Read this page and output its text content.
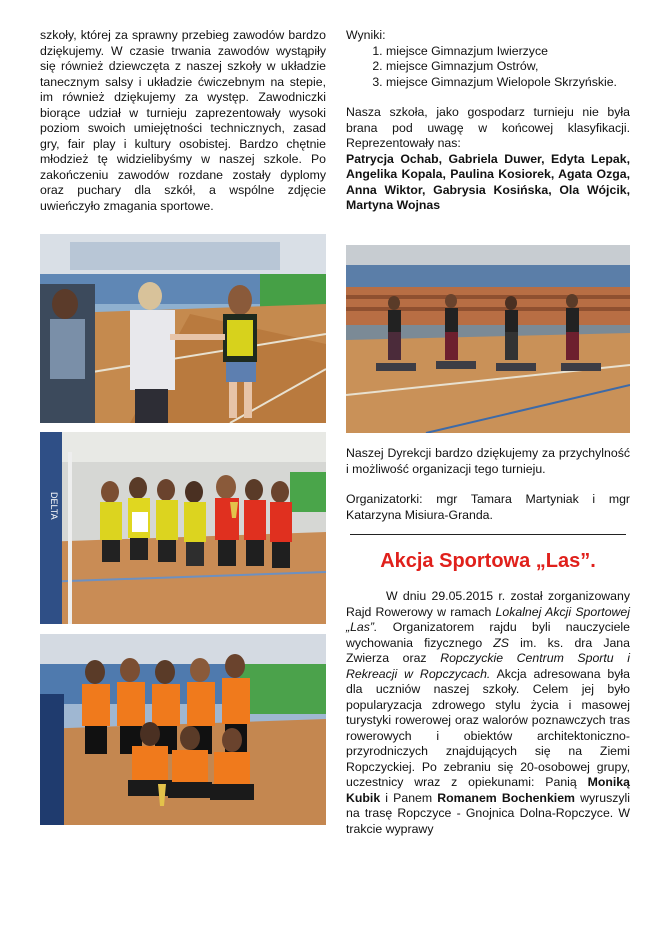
szkoły, której za sprawny przebieg zawodów bardzo dziękujemy. W czasie trwania zawodów wystąpiły się również dziewczęta z naszej szkoły w układzie tanecznym salsy i układzie ćwiczebnym na stepie, im również dziękujemy za występ. Zawodniczki biorące udział w turnieju zaprezentowały wysoki poziom swoich umiejętności technicznych, zasad gry, fair play i kultury osobistej. Bardzo chętnie młodzież tę widzielibyśmy w naszej szkole. Po zakończeniu zawodów rozdane zostały dyplomy oraz puchary dla szkół, a wspólne zdjęcie uwieńczyło zmagania sportowe.

DELTA
Wyniki:
1. miejsce Gimnazjum Iwierzyce
2. miejsce Gimnazjum Ostrów,
3. miejsce Gimnazjum Wielopole Skrzyńskie.

Nasza szkoła, jako gospodarz turnieju nie była brana pod uwagę w końcowej klasyfikacji. Reprezentowały nas:

Patrycja Ochab, Gabriela Duwer, Edyta Lepak, Angelika Kopala, Paulina Kosiorek, Agata Ozga, Anna Wiktor, Gabrysia Kosińska, Ola Wójcik, Martyna Wojnas

Naszej Dyrekcji bardzo dziękujemy za przychylność i możliwość organizacji tego turnieju.

Organizatorki: mgr Tamara Martyniak i mgr Katarzyna Misiura-Granda.

Akcja Sportowa „Las”.

W dniu 29.05.2015 r. został zorganizowany Rajd Rowerowy w ramach Lokalnej Akcji Sportowej „Las”. Organizatorem rajdu byli nauczyciele wychowania fizycznego ZS im. ks. dra Jana Zwierza oraz Ropczyckie Centrum Sportu i Rekreacji w Ropczycach. Akcja adresowana była dla uczniów naszej szkoły. Celem jej było popularyzacja zdrowego stylu życia i masowej turystyki rowerowej oraz walorów poznawczych tras rowerowych i obiektów architektoniczno-przyrodniczych znajdujących się na Ziemi Ropczyckiej. Po zebraniu się 20-osobowej grupy, uczestnicy wraz z opiekunami: Panią Moniką Kubik i Panem Romanem Bochenkiem wyruszyli na trasę Ropczyce - Gnojnica Dolna-Ropczyce. W trakcie wyprawy
